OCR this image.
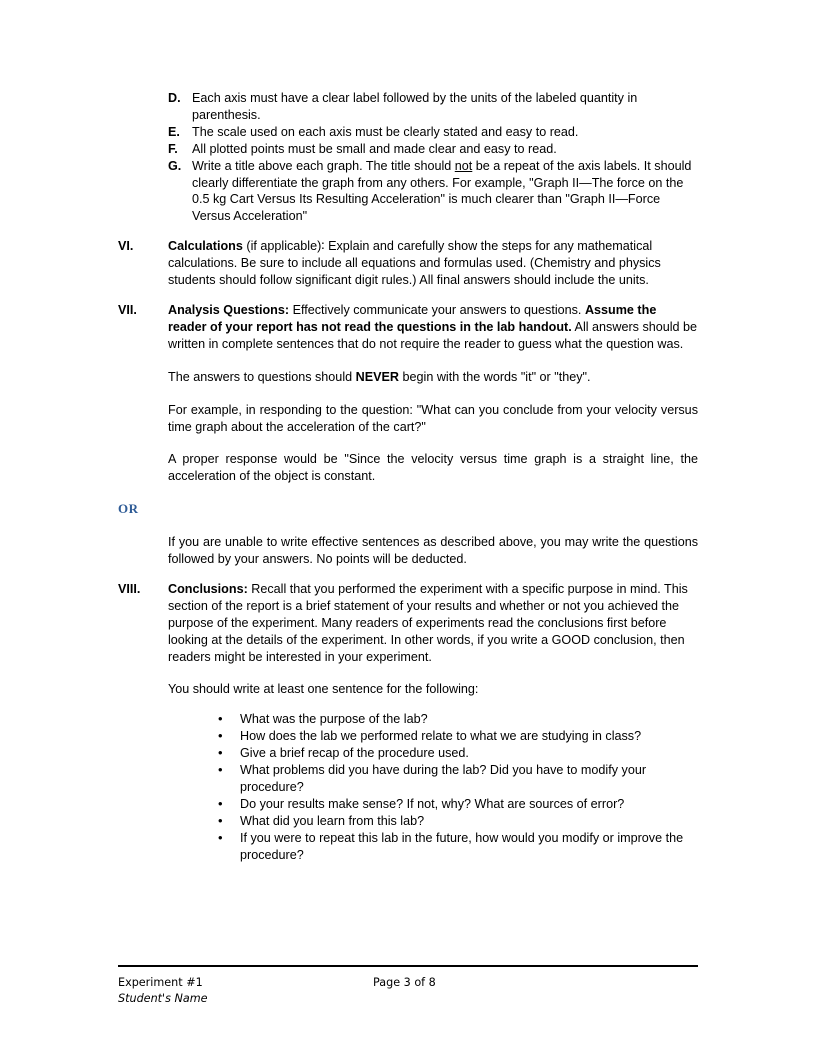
D. Each axis must have a clear label followed by the units of the labeled quantity in parenthesis.
E. The scale used on each axis must be clearly stated and easy to read.
F.	All plotted points must be small and made clear and easy to read.
G. Write a title above each graph. The title should not be a repeat of the axis labels. It should clearly differentiate the graph from any others. For example, "Graph II—The force on the 0.5 kg Cart Versus Its Resulting Acceleration" is much clearer than "Graph II—Force Versus Acceleration"
VI.	Calculations (if applicable)∶ Explain and carefully show the steps for any mathematical calculations. Be sure to include all equations and formulas used. (Chemistry and physics students should follow significant digit rules.) All final answers should include the units.
VII.	Analysis Questions: Effectively communicate your answers to questions. Assume the reader of your report has not read the questions in the lab handout. All answers should be written in complete sentences that do not require the reader to guess what the question was.
The answers to questions should NEVER begin with the words "it" or "they".
For example, in responding to the question: "What can you conclude from your velocity versus time graph about the acceleration of the cart?"
A proper response would be "Since the velocity versus time graph is a straight line, the acceleration of the object is constant.
OR
If you are unable to write effective sentences as described above, you may write the questions followed by your answers. No points will be deducted.
VIII.	Conclusions: Recall that you performed the experiment with a specific purpose in mind. This section of the report is a brief statement of your results and whether or not you achieved the purpose of the experiment. Many readers of experiments read the conclusions first before looking at the details of the experiment. In other words, if you write a GOOD conclusion, then readers might be interested in your experiment.
You should write at least one sentence for the following:
• What was the purpose of the lab?
• How does the lab we performed relate to what we are studying in class?
• Give a brief recap of the procedure used.
• What problems did you have during the lab? Did you have to modify your procedure?
• Do your results make sense? If not, why? What are sources of error?
• What did you learn from this lab?
• If you were to repeat this lab in the future, how would you modify or improve the procedure?
Experiment #1	Page 3 of 8
Student's Name
